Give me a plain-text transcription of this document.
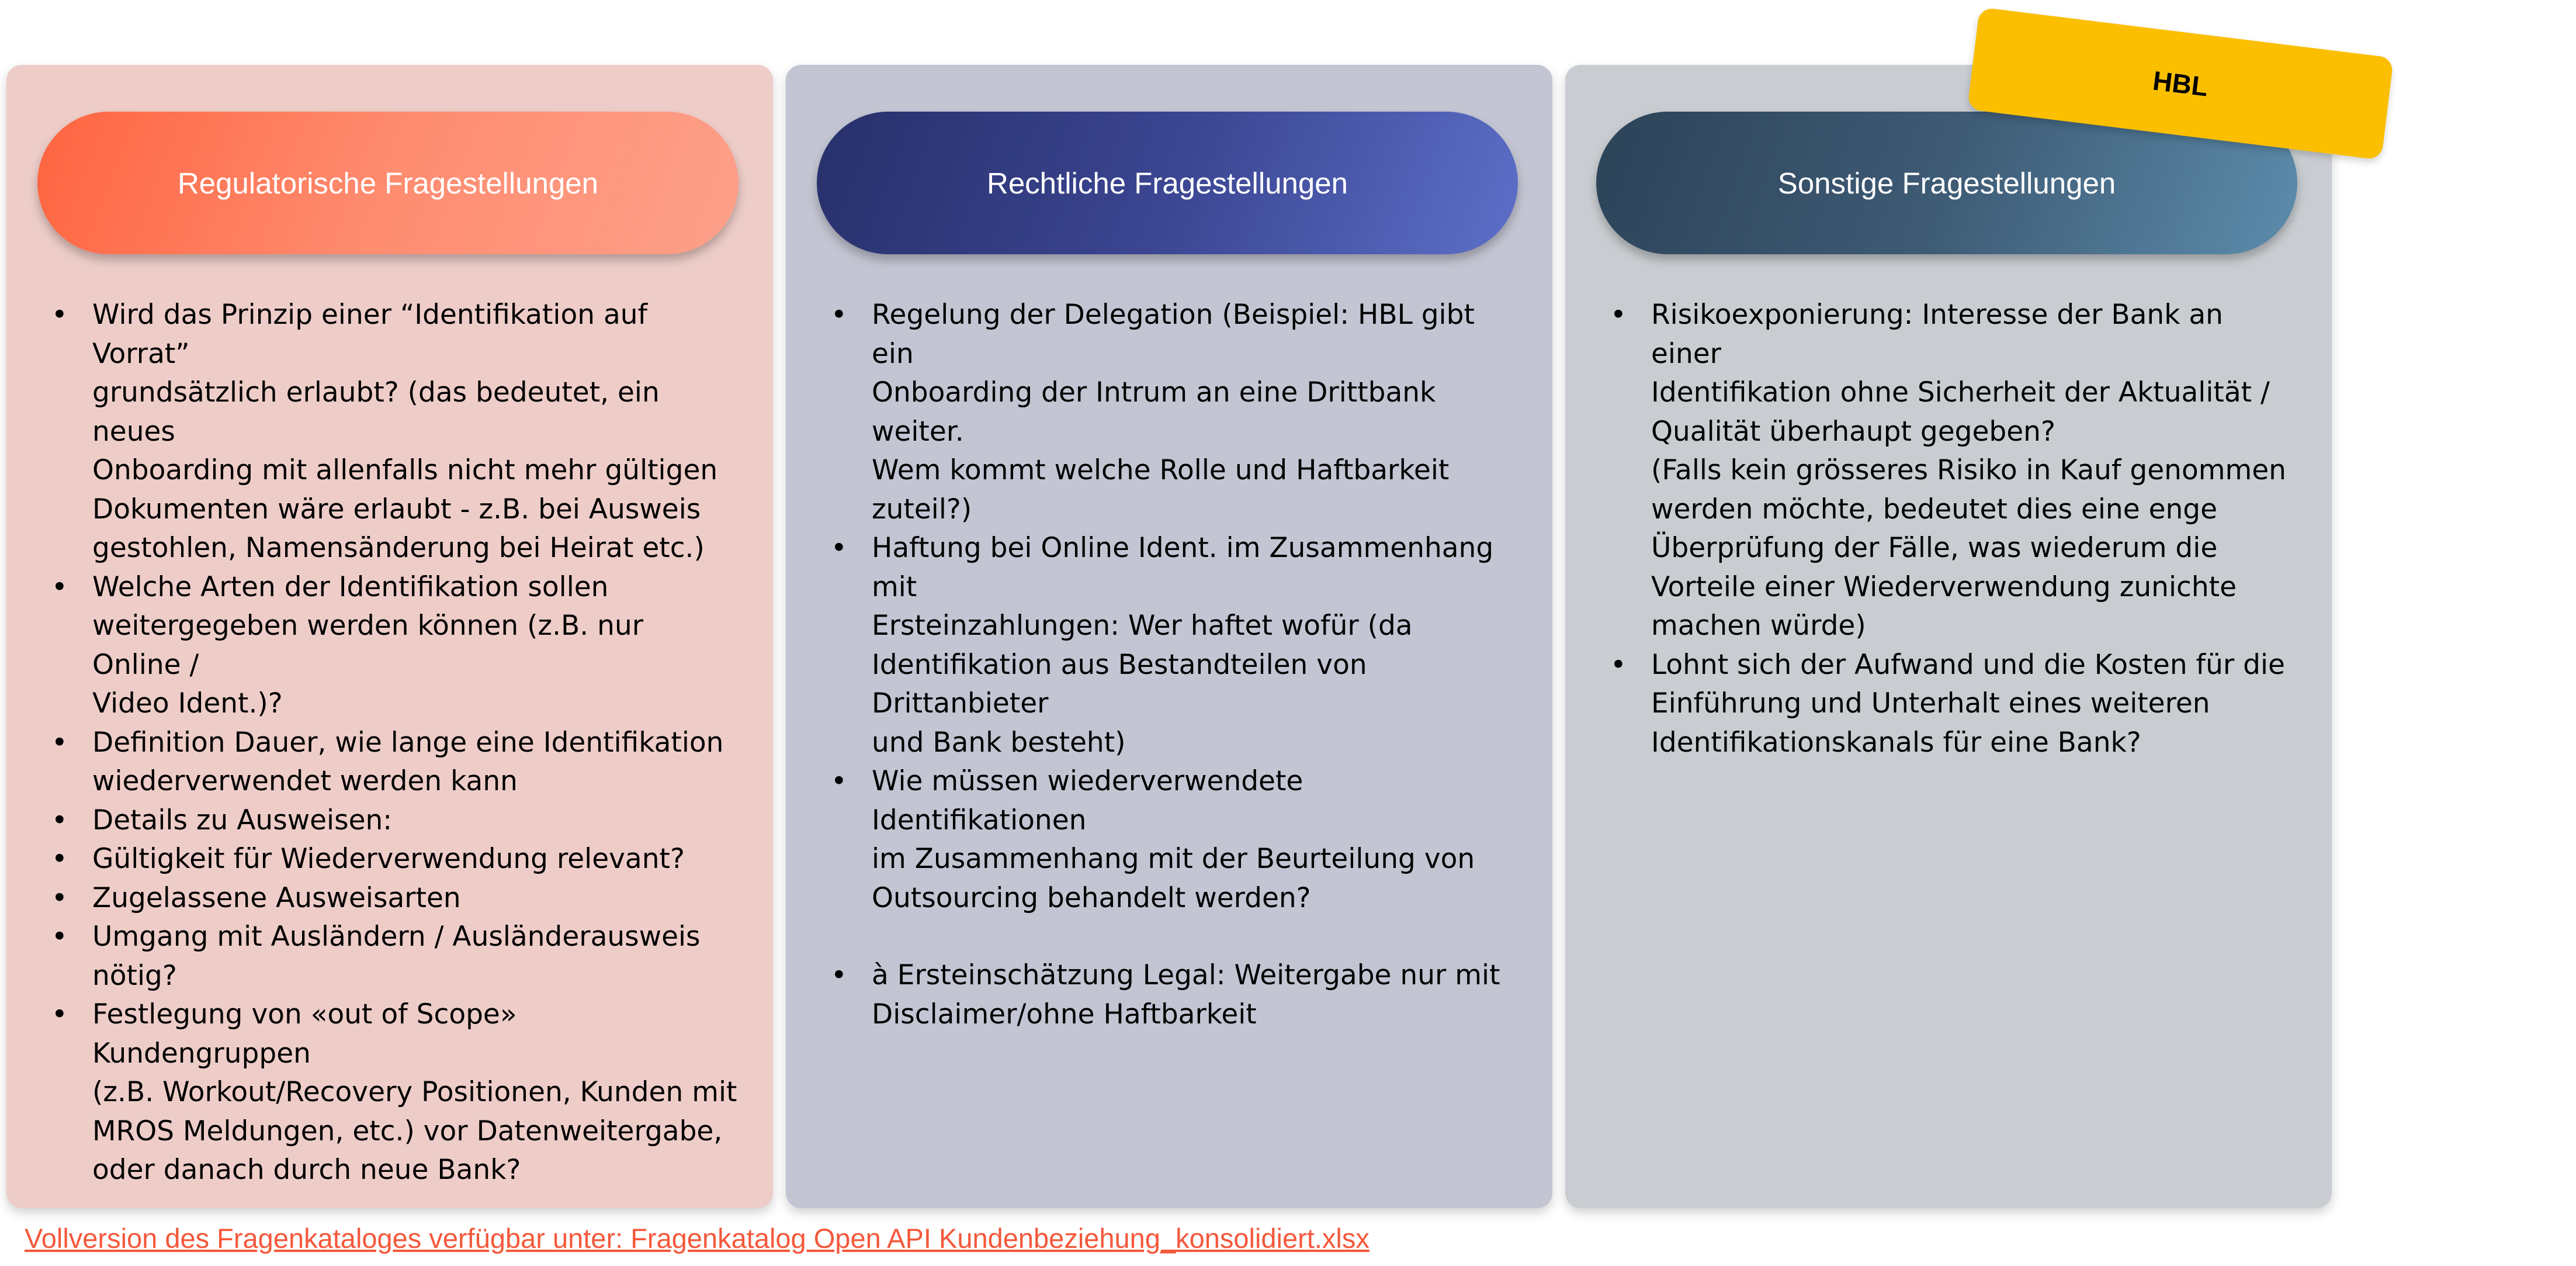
Regulatorische Fragestellungen
• Wird das Prinzip einer “Identifikation auf Vorrat”
grundsätzlich erlaubt? (das bedeutet, ein neues
Onboarding mit allenfalls nicht mehr gültigen
Dokumenten wäre erlaubt - z.B. bei Ausweis
gestohlen, Namensänderung bei Heirat etc.)
• Welche Arten der Identifikation sollen
weitergegeben werden können (z.B. nur Online /
Video Ident.)?
• Definition Dauer, wie lange eine Identifikation
wiederverwendet werden kann
• Details zu Ausweisen:
• Gültigkeit für Wiederverwendung relevant?
• Zugelassene Ausweisarten
• Umgang mit Ausländern / Ausländerausweis
nötig?
• Festlegung von «out of Scope» Kundengruppen
(z.B. Workout/Recovery Positionen, Kunden mit
MROS Meldungen, etc.) vor Datenweitergabe,
oder danach durch neue Bank?
Rechtliche Fragestellungen
• Regelung der Delegation (Beispiel: HBL gibt ein
Onboarding der Intrum an eine Drittbank weiter.
Wem kommt welche Rolle und Haftbarkeit
zuteil?)
• Haftung bei Online Ident. im Zusammenhang mit
Ersteinzahlungen: Wer haftet wofür (da
Identifikation aus Bestandteilen von Drittanbieter
und Bank besteht)
• Wie müssen wiederverwendete Identifikationen
im Zusammenhang mit der Beurteilung von
Outsourcing behandelt werden?
• à Ersteinschätzung Legal: Weitergabe nur mit
Disclaimer/ohne Haftbarkeit
Sonstige Fragestellungen
• Risikoexponierung: Interesse der Bank an einer
Identifikation ohne Sicherheit der Aktualität /
Qualität überhaupt gegeben?
(Falls kein grösseres Risiko in Kauf genommen
werden möchte, bedeutet dies eine enge
Überprüfung der Fälle, was wiederum die
Vorteile einer Wiederverwendung zunichte
machen würde)
• Lohnt sich der Aufwand und die Kosten für die
Einführung und Unterhalt eines weiteren
Identifikationskanals für eine Bank?
HBL
Vollversion des Fragenkataloges verfügbar unter: Fragenkatalog Open API Kundenbeziehung_konsolidiert.xlsx
